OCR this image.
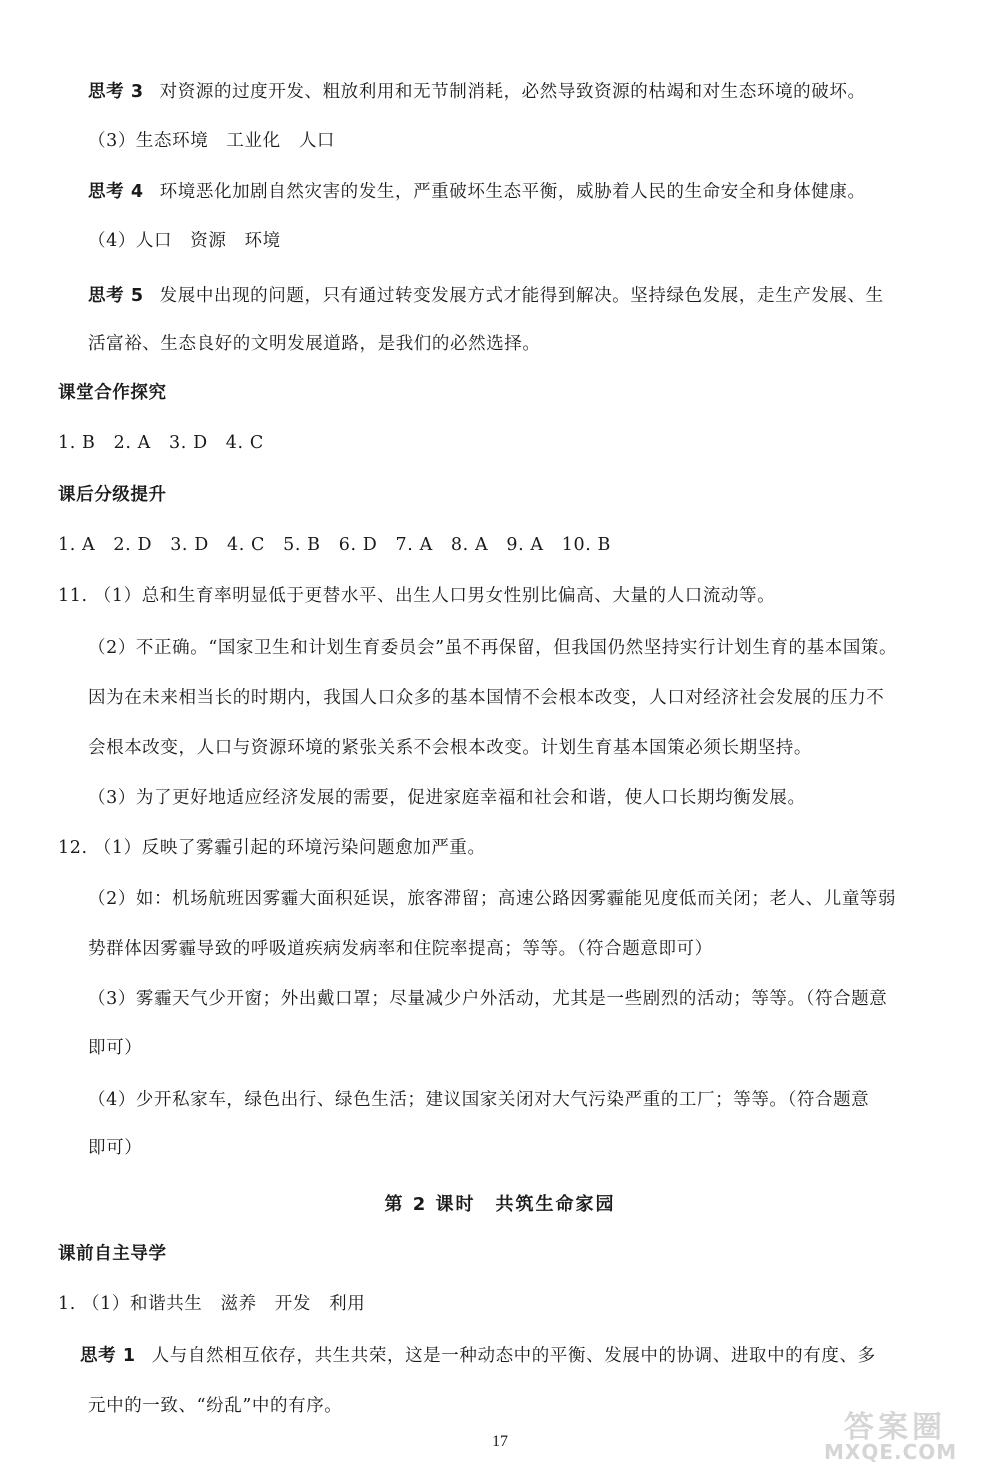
思考 3 对资源的过度开发、粗放利用和无节制消耗，必然导致资源的枯竭和对生态环境的破坏。
（3）生态环境　工业化　人口
思考 4 环境恶化加剧自然灾害的发生，严重破坏生态平衡，威胁着人民的生命安全和身体健康。
（4）人口　资源　环境
思考 5 发展中出现的问题，只有通过转变发展方式才能得到解决。坚持绿色发展，走生产发展、生
活富裕、生态良好的文明发展道路，是我们的必然选择。
课堂合作探究
1. B　2. A　3. D　4. C
课后分级提升
1. A　2. D　3. D　4. C　5. B　6. D　7. A　8. A　9. A　10. B
11. （1）总和生育率明显低于更替水平、出生人口男女性别比偏高、大量的人口流动等。
（2）不正确。“国家卫生和计划生育委员会”虽不再保留，但我国仍然坚持实行计划生育的基本国策。
因为在未来相当长的时期内，我国人口众多的基本国情不会根本改变，人口对经济社会发展的压力不
会根本改变，人口与资源环境的紧张关系不会根本改变。计划生育基本国策必须长期坚持。
（3）为了更好地适应经济发展的需要，促进家庭幸福和社会和谐，使人口长期均衡发展。
12. （1）反映了雾霾引起的环境污染问题愈加严重。
（2）如：机场航班因雾霾大面积延误，旅客滞留；高速公路因雾霾能见度低而关闭；老人、儿童等弱
势群体因雾霾导致的呼吸道疾病发病率和住院率提高；等等。（符合题意即可）
（3）雾霾天气少开窗；外出戴口罩；尽量减少户外活动，尤其是一些剧烈的活动；等等。（符合题意
即可）
（4）少开私家车，绿色出行、绿色生活；建议国家关闭对大气污染严重的工厂；等等。（符合题意
即可）
第 2 课时　共筑生命家园
课前自主导学
1. （1）和谐共生　滋养　开发　利用
思考 1 人与自然相互依存，共生共荣，这是一种动态中的平衡、发展中的协调、进取中的有度、多
元中的一致、“纷乱”中的有序。
17	答案圈
MXQE.COM
